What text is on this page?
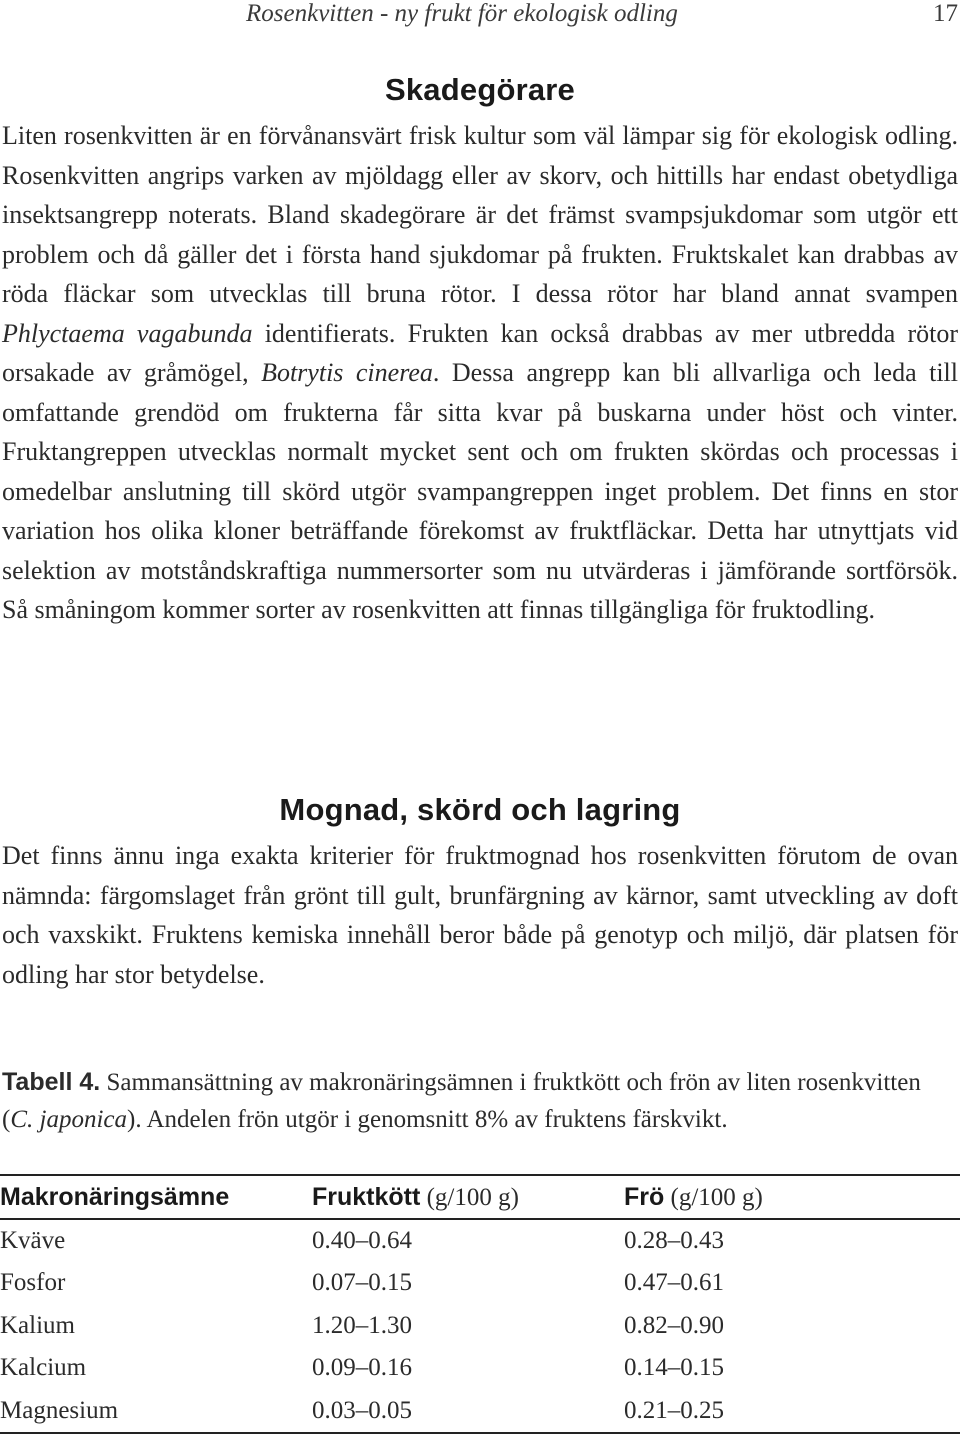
Rosenkvitten - ny frukt för ekologisk odling	17
Skadegörare

Liten rosenkvitten är en förvånansvärt frisk kultur som väl lämpar sig för ekologisk odling. Rosenkvitten angrips varken av mjöldagg eller av skorv, och hittills har endast obetydliga insektsangrepp noterats. Bland skadegörare är det främst svampsjukdomar som utgör ett problem och då gäller det i första hand sjukdomar på frukten. Fruktskalet kan drabbas av röda fläckar som utvecklas till bruna rötor. I dessa rötor har bland annat svampen Phlyctaema vagabunda identifierats. Frukten kan också drabbas av mer utbredda rötor orsakade av gråmögel, Botrytis cinerea. Dessa angrepp kan bli allvarliga och leda till omfattande grendöd om frukterna får sitta kvar på buskarna under höst och vinter. Fruktangreppen utvecklas normalt mycket sent och om frukten skördas och processas i omedelbar anslutning till skörd utgör svampangreppen inget problem. Det finns en stor variation hos olika kloner beträffande förekomst av fruktfläckar. Detta har utnyttjats vid selektion av motståndskraftiga nummersorter som nu utvärderas i jämförande sortförsök. Så småningom kommer sorter av rosenkvitten att finnas tillgängliga för fruktodling.

Mognad, skörd och lagring

Det finns ännu inga exakta kriterier för fruktmognad hos rosenkvitten förutom de ovan nämnda: färgomslaget från grönt till gult, brunfärgning av kärnor, samt utveckling av doft och vaxskikt. Fruktens kemiska innehåll beror både på genotyp och miljö, där platsen för odling har stor betydelse.

Tabell 4. Sammansättning av makronäringsämnen i fruktkött och frön av liten rosenkvitten (C. japonica). Andelen frön utgör i genomsnitt 8% av fruktens färskvikt.

Makronäringsämne	Fruktkött (g/100 g)	Frö (g/100 g)
Kväve	0.40–0.64	0.28–0.43
Fosfor	0.07–0.15	0.47–0.61
Kalium	1.20–1.30	0.82–0.90
Kalcium	0.09–0.16	0.14–0.15
Magnesium	0.03–0.05	0.21–0.25
